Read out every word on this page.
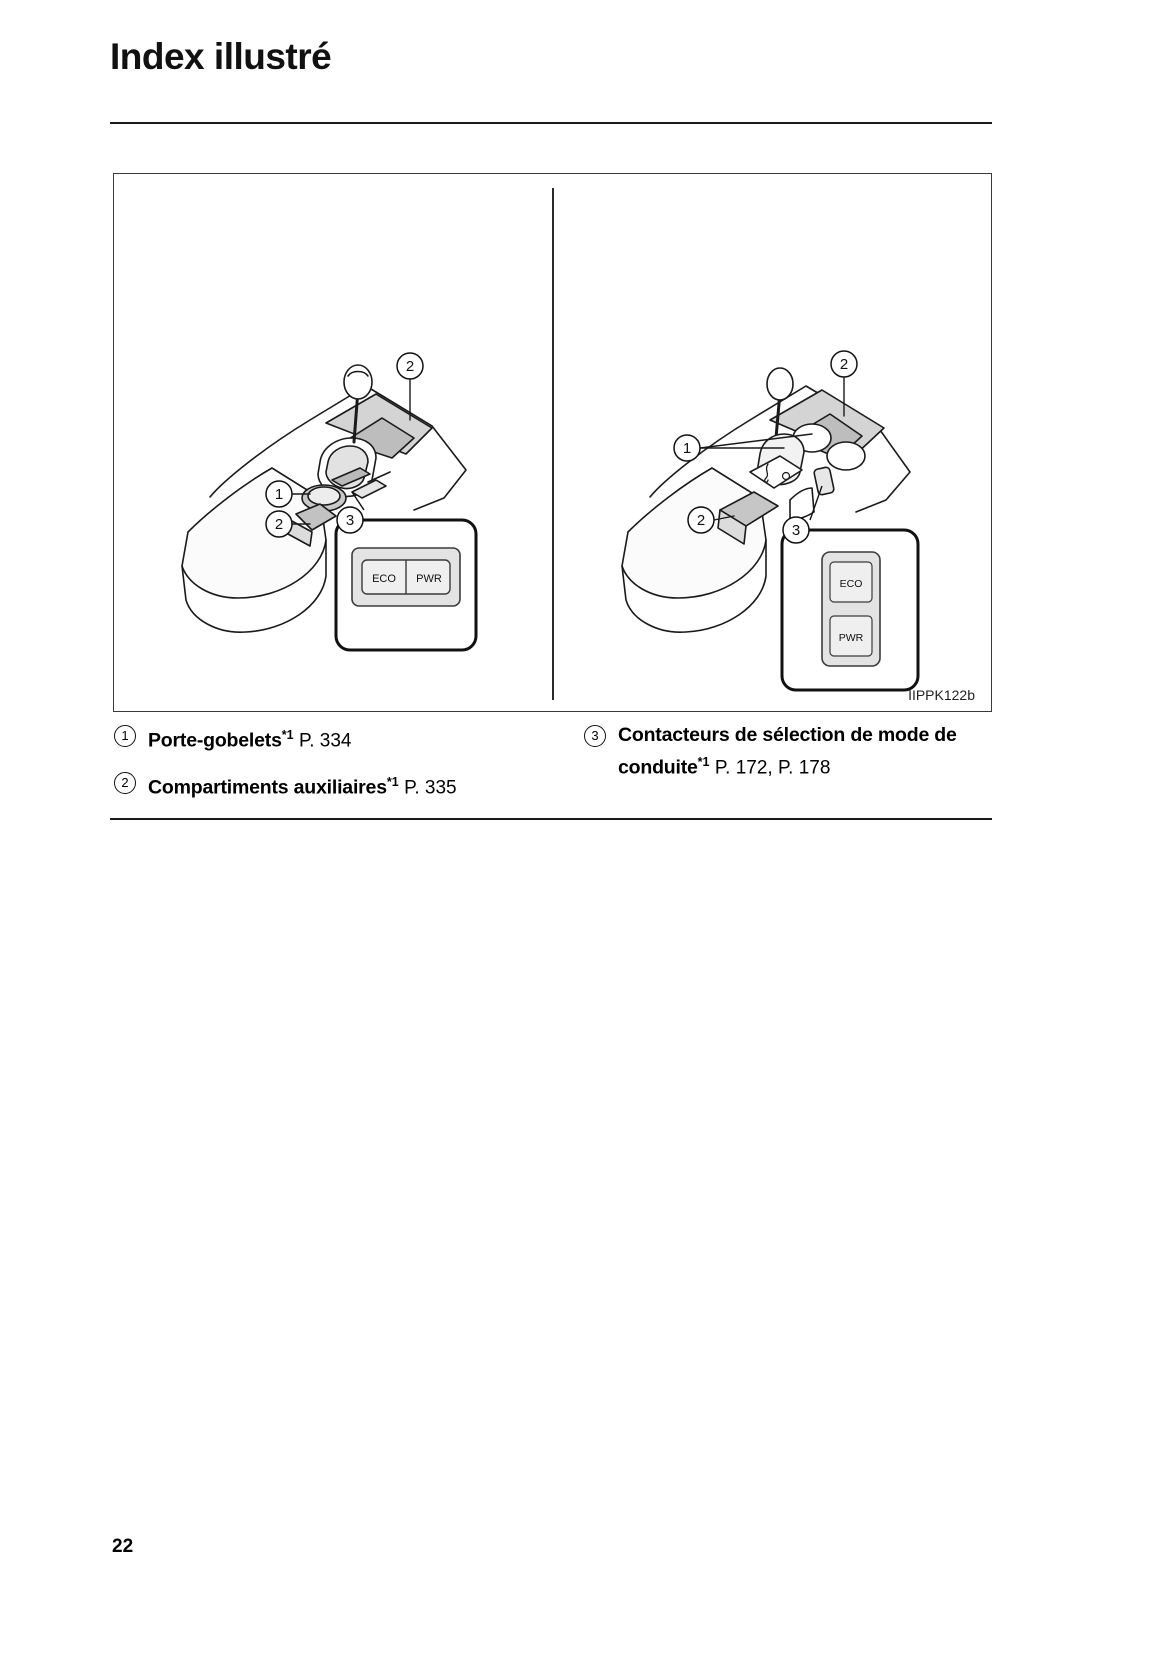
Index illustré
2
1
2
ECO PWR
3
2
1
2
ECO
PWR
3
IIPPK122b
1 Porte-gobelets$^{*1}$ P. 334
2 Compartiments auxiliaires$^{*1}$ P. 335
3 Contacteurs de sélection de mode de conduite$^{*1}$ P. 172, P. 178
22
